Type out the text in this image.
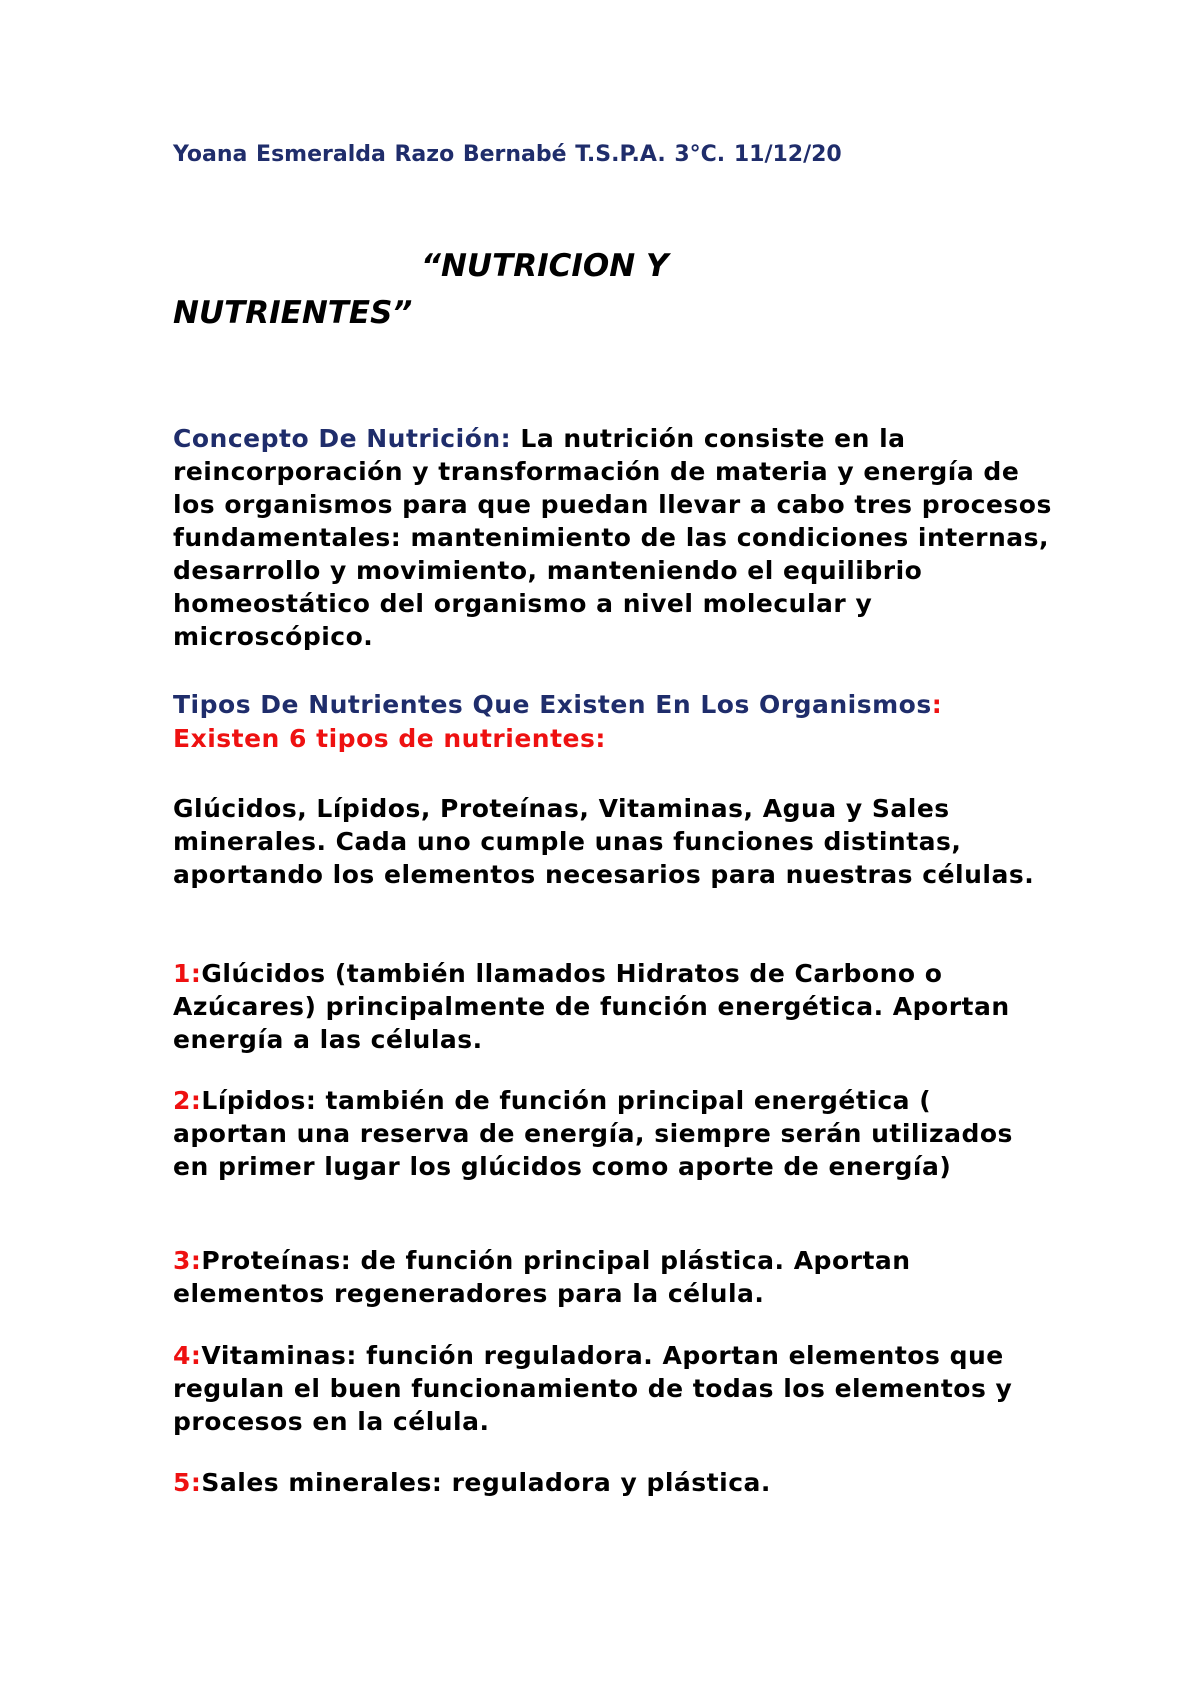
Yoana Esmeralda Razo Bernabé T.S.P.A. 3°C. 11/12/20

“NUTRICION Y NUTRIENTES”

Concepto De Nutrición: La nutrición consiste en la reincorporación y transformación de materia y energía de los organismos para que puedan llevar a cabo tres procesos fundamentales: mantenimiento de las condiciones internas, desarrollo y movimiento, manteniendo el equilibrio homeostático del organismo a nivel molecular y microscópico.

Tipos De Nutrientes Que Existen En Los Organismos:

Existen 6 tipos de nutrientes:

Glúcidos, Lípidos, Proteínas, Vitaminas, Agua y Sales minerales. Cada uno cumple unas funciones distintas, aportando los elementos necesarios para nuestras células.

1:Glúcidos (también llamados Hidratos de Carbono o Azúcares) principalmente de función energética. Aportan energía a las células.

2:Lípidos: también de función principal energética ( aportan una reserva de energía, siempre serán utilizados en primer lugar los glúcidos como aporte de energía)

3:Proteínas: de función principal plástica. Aportan elementos regeneradores para la célula.

4:Vitaminas: función reguladora. Aportan elementos que regulan el buen funcionamiento de todas los elementos y procesos en la célula.

5:Sales minerales: reguladora y plástica.
